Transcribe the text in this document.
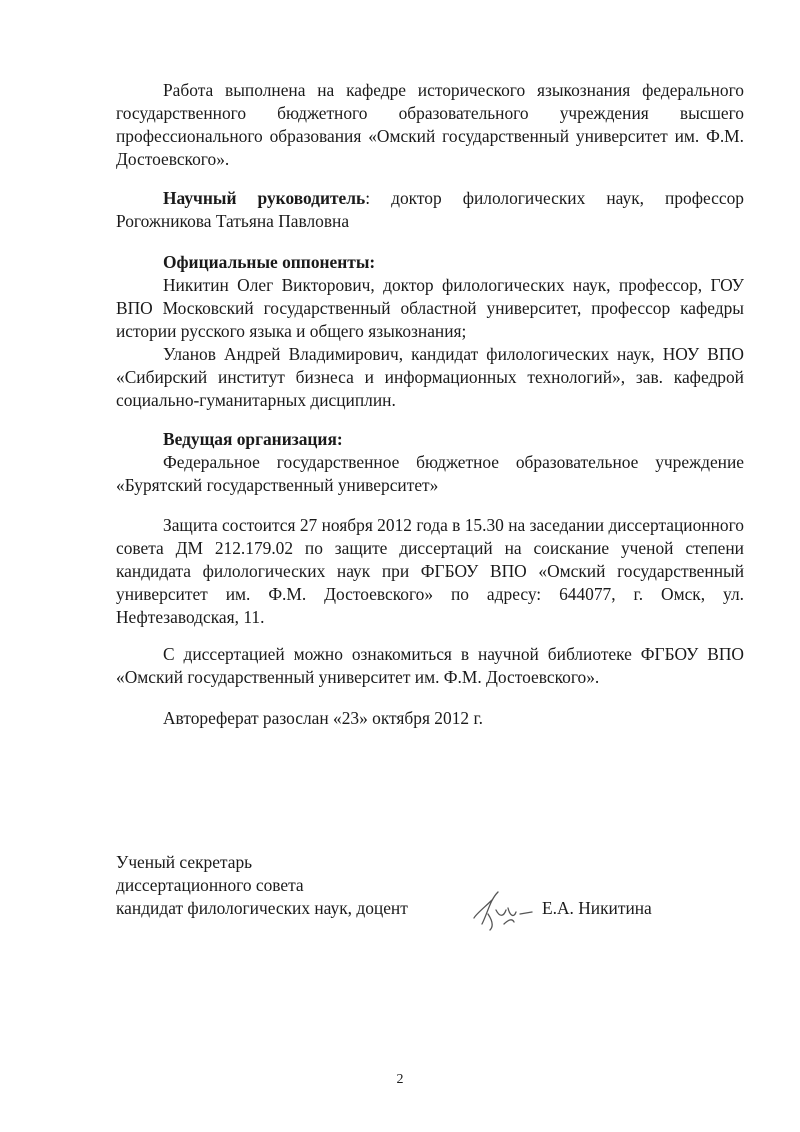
Работа выполнена на кафедре исторического языкознания федерального государственного бюджетного образовательного учреждения высшего профессионального образования «Омский государственный университет им. Ф.М. Достоевского».

Научный руководитель: доктор филологических наук, профессор Рогожникова Татьяна Павловна

Официальные оппоненты:

Никитин Олег Викторович, доктор филологических наук, профессор, ГОУ ВПО Московский государственный областной университет, профессор кафедры истории русского языка и общего языкознания;

Уланов Андрей Владимирович, кандидат филологических наук, НОУ ВПО «Сибирский институт бизнеса и информационных технологий», зав. кафедрой социально-гуманитарных дисциплин.

Ведущая организация:

Федеральное государственное бюджетное образовательное учреждение «Бурятский государственный университет»

Защита состоится 27 ноября 2012 года в 15.30 на заседании диссертационного совета ДМ 212.179.02 по защите диссертаций на соискание ученой степени кандидата филологических наук при ФГБОУ ВПО «Омский государственный университет им. Ф.М. Достоевского» по адресу: 644077, г. Омск, ул. Нефтезаводская, 11.

С диссертацией можно ознакомиться в научной библиотеке ФГБОУ ВПО «Омский государственный университет им. Ф.М. Достоевского».

Автореферат разослан «23» октября 2012 г.

Ученый секретарь
диссертационного совета
кандидат филологических наук, доцент	Е.А. Никитина
2
